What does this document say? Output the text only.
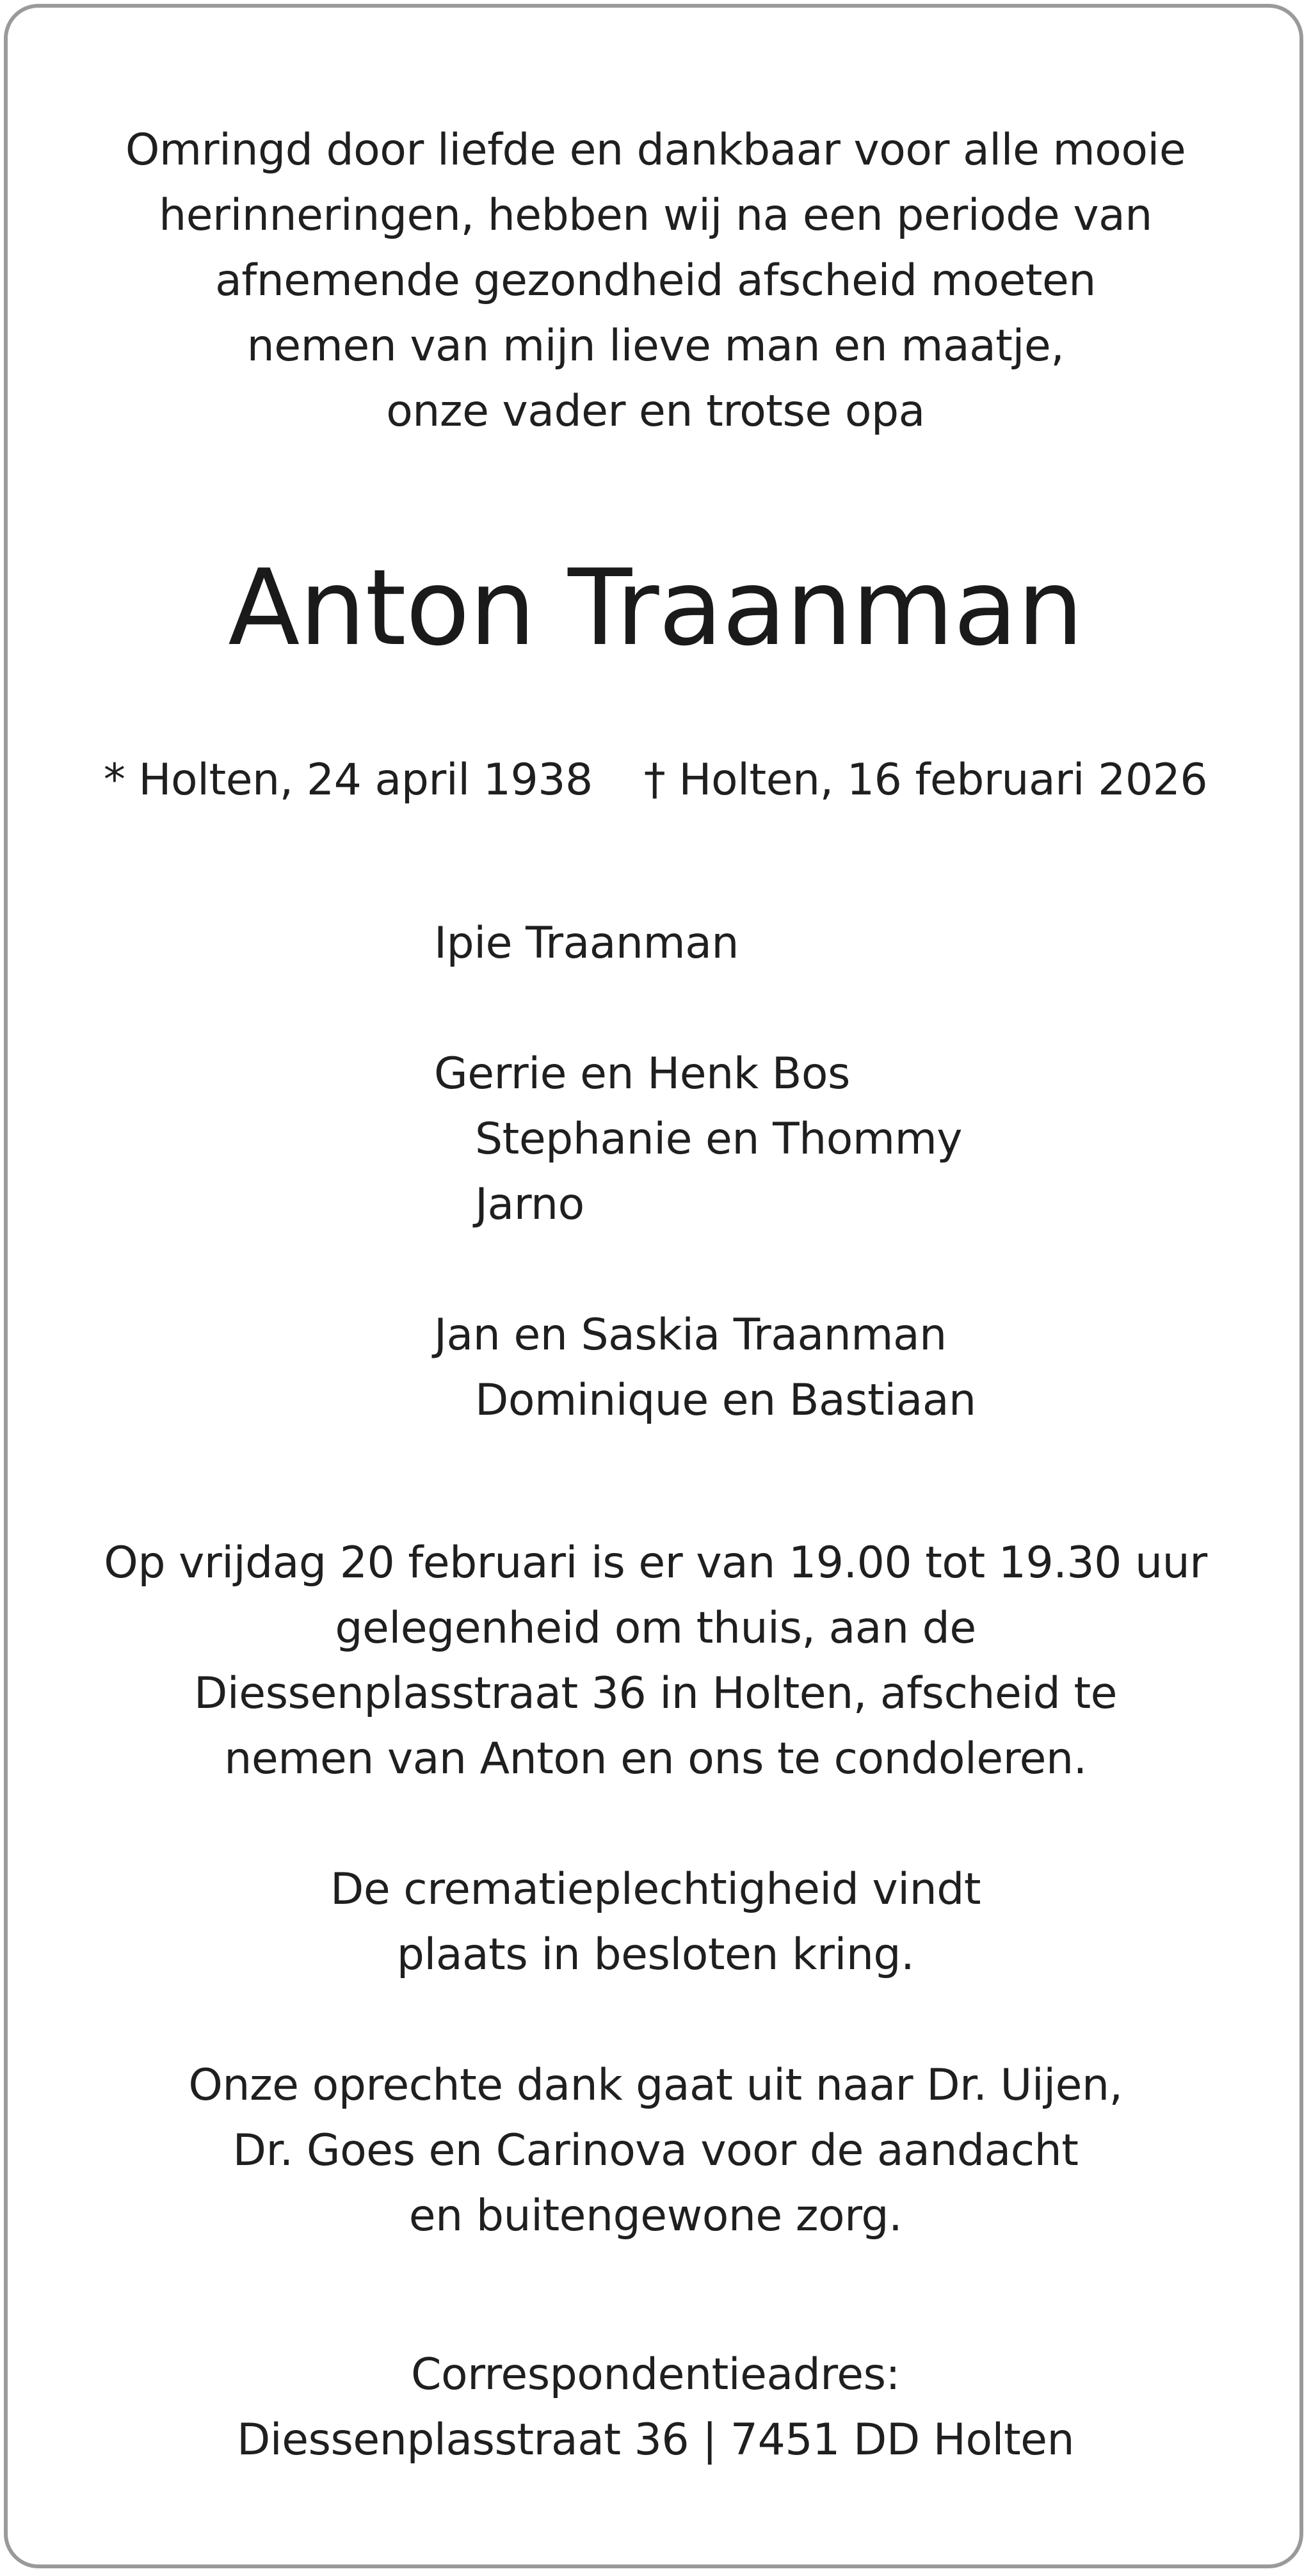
Omringd door liefde en dankbaar voor alle mooie
herinneringen, hebben wij na een periode van
afnemende gezondheid afscheid moeten
nemen van mijn lieve man en maatje,
onze vader en trotse opa
Anton Traanman
* Holten, 24 april 1938 † Holten, 16 februari 2026
Ipie Traanman
Gerrie en Henk Bos
Stephanie en Thommy
Jarno
Jan en Saskia Traanman
Dominique en Bastiaan
Op vrijdag 20 februari is er van 19.00 tot 19.30 uur
gelegenheid om thuis, aan de
Diessenplasstraat 36 in Holten, afscheid te
nemen van Anton en ons te condoleren.
De crematieplechtigheid vindt
plaats in besloten kring.
Onze oprechte dank gaat uit naar Dr. Uijen,
Dr. Goes en Carinova voor de aandacht
en buitengewone zorg.
Correspondentieadres:
Diessenplasstraat 36 | 7451 DD Holten
